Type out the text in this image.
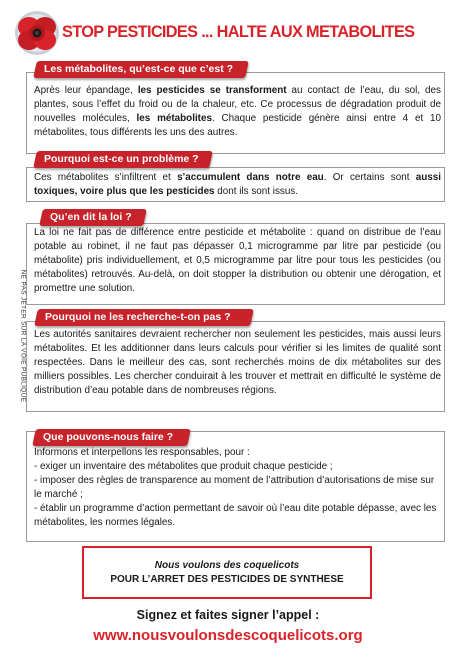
STOP PESTICIDES ... HALTE AUX METABOLITES
NE PAS JETER SUR LA VOIE PUBLIQUE
Après leur épandage, les pesticides se transforment au contact de l’eau, du sol, des plantes, sous l’effet du froid ou de la chaleur, etc. Ce processus de dégradation produit de nouvelles molécules, les métabolites. Chaque pesticide génère ainsi entre 4 et 10 métabolites, tous différents les uns des autres.
Les métabolites, qu’est-ce que c’est ?
Ces métabolites s’infiltrent et s’accumulent dans notre eau. Or certains sont aussi toxiques, voire plus que les pesticides dont ils sont issus.
Pourquoi est-ce un problème ?
La loi ne fait pas de différence entre pesticide et métabolite : quand on distribue de l’eau potable au robinet, il ne faut pas dépasser 0,1 microgramme par litre par pesticide (ou métabolite) pris individuellement, et 0,5 microgramme par litre pour tous les pesticides (ou métabolites) retrouvés. Au-delà, on doit stopper la distribution ou obtenir une dérogation, et promettre une solution.
Qu’en dit la loi ?
Les autorités sanitaires devraient rechercher non seulement les pesticides, mais aussi leurs métabolites. Et les additionner dans leurs calculs pour vérifier si les limites de qualité sont respectées. Dans le meilleur des cas, sont recherchés moins de dix métabolites sur des milliers possibles. Les chercher conduirait à les trouver et mettrait en difficulté le système de distribution d’eau potable dans de nombreuses régions.
Pourquoi ne les recherche-t-on pas ?
Informons et interpellons les responsables, pour :
- exiger un inventaire des métabolites que produit chaque pesticide ;
- imposer des règles de transparence au moment de l’attribution d’autorisations de mise sur le marché ;
- établir un programme d’action permettant de savoir où l’eau dite potable dépasse, avec les métabolites, les normes légales.
Que pouvons-nous faire ?
Nous voulons des coquelicots
POUR L’ARRET DES PESTICIDES DE SYNTHESE
Signez et faites signer l’appel :
www.nousvoulonsdescoquelicots.org
